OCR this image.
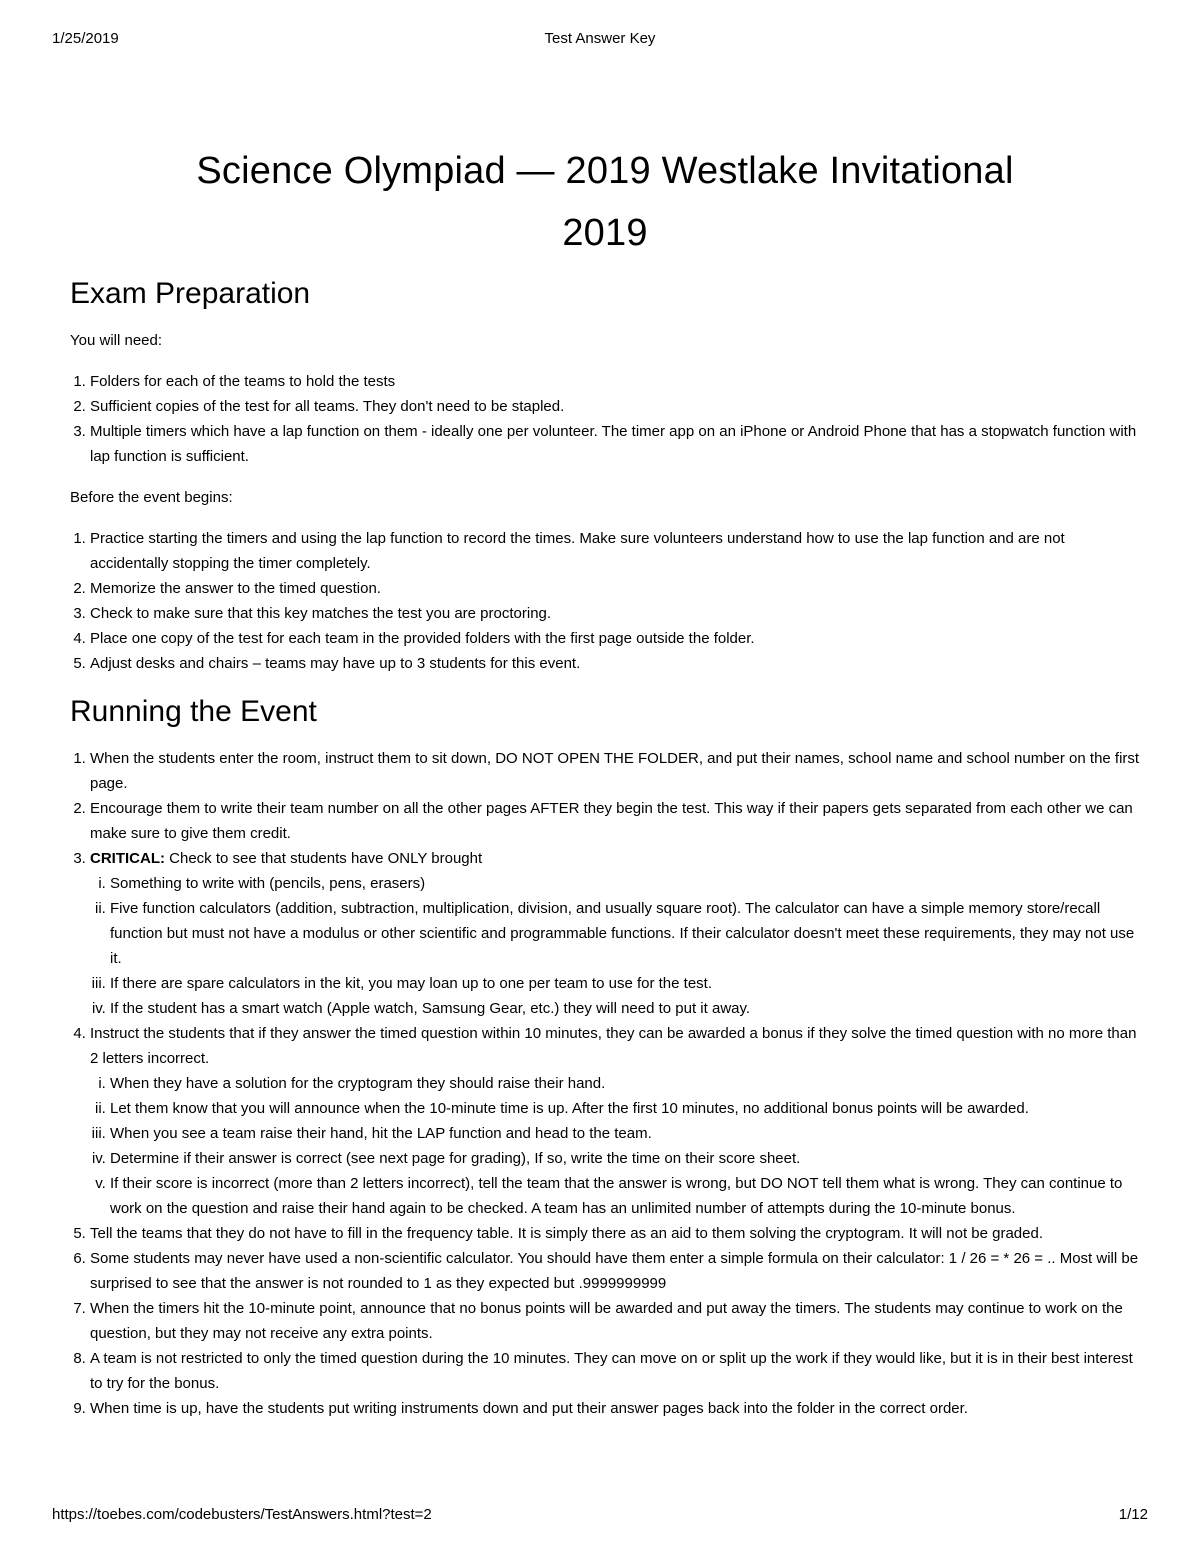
1/25/2019	Test Answer Key
Science Olympiad — 2019 Westlake Invitational
2019
Exam Preparation

You will need:

1. Folders for each of the teams to hold the tests
2. Sufficient copies of the test for all teams. They don't need to be stapled.
3. Multiple timers which have a lap function on them - ideally one per volunteer. The timer app on an iPhone or Android Phone that has a stopwatch function with lap function is sufficient.

Before the event begins:

1. Practice starting the timers and using the lap function to record the times. Make sure volunteers understand how to use the lap function and are not accidentally stopping the timer completely.
2. Memorize the answer to the timed question.
3. Check to make sure that this key matches the test you are proctoring.
4. Place one copy of the test for each team in the provided folders with the first page outside the folder.
5. Adjust desks and chairs – teams may have up to 3 students for this event.
Running the Event
1. When the students enter the room, instruct them to sit down, DO NOT OPEN THE FOLDER, and put their names, school name and school number on the first page.
2. Encourage them to write their team number on all the other pages AFTER they begin the test. This way if their papers gets separated from each other we can make sure to give them credit.
3. CRITICAL: Check to see that students have ONLY brought
i. Something to write with (pencils, pens, erasers)
ii. Five function calculators (addition, subtraction, multiplication, division, and usually square root). The calculator can have a simple memory store/recall function but must not have a modulus or other scientific and programmable functions. If their calculator doesn't meet these requirements, they may not use it.
iii. If there are spare calculators in the kit, you may loan up to one per team to use for the test.
iv. If the student has a smart watch (Apple watch, Samsung Gear, etc.) they will need to put it away.
4. Instruct the students that if they answer the timed question within 10 minutes, they can be awarded a bonus if they solve the timed question with no more than 2 letters incorrect.
i. When they have a solution for the cryptogram they should raise their hand.
ii. Let them know that you will announce when the 10-minute time is up. After the first 10 minutes, no additional bonus points will be awarded.
iii. When you see a team raise their hand, hit the LAP function and head to the team.
iv. Determine if their answer is correct (see next page for grading), If so, write the time on their score sheet.
v. If their score is incorrect (more than 2 letters incorrect), tell the team that the answer is wrong, but DO NOT tell them what is wrong. They can continue to work on the question and raise their hand again to be checked. A team has an unlimited number of attempts during the 10-minute bonus.
5. Tell the teams that they do not have to fill in the frequency table. It is simply there as an aid to them solving the cryptogram. It will not be graded.
6. Some students may never have used a non-scientific calculator. You should have them enter a simple formula on their calculator: 1 / 26 = * 26 = .. Most will be surprised to see that the answer is not rounded to 1 as they expected but .9999999999
7. When the timers hit the 10-minute point, announce that no bonus points will be awarded and put away the timers. The students may continue to work on the question, but they may not receive any extra points.
8. A team is not restricted to only the timed question during the 10 minutes. They can move on or split up the work if they would like, but it is in their best interest to try for the bonus.
9. When time is up, have the students put writing instruments down and put their answer pages back into the folder in the correct order.
https://toebes.com/codebusters/TestAnswers.html?test=2	1/12
